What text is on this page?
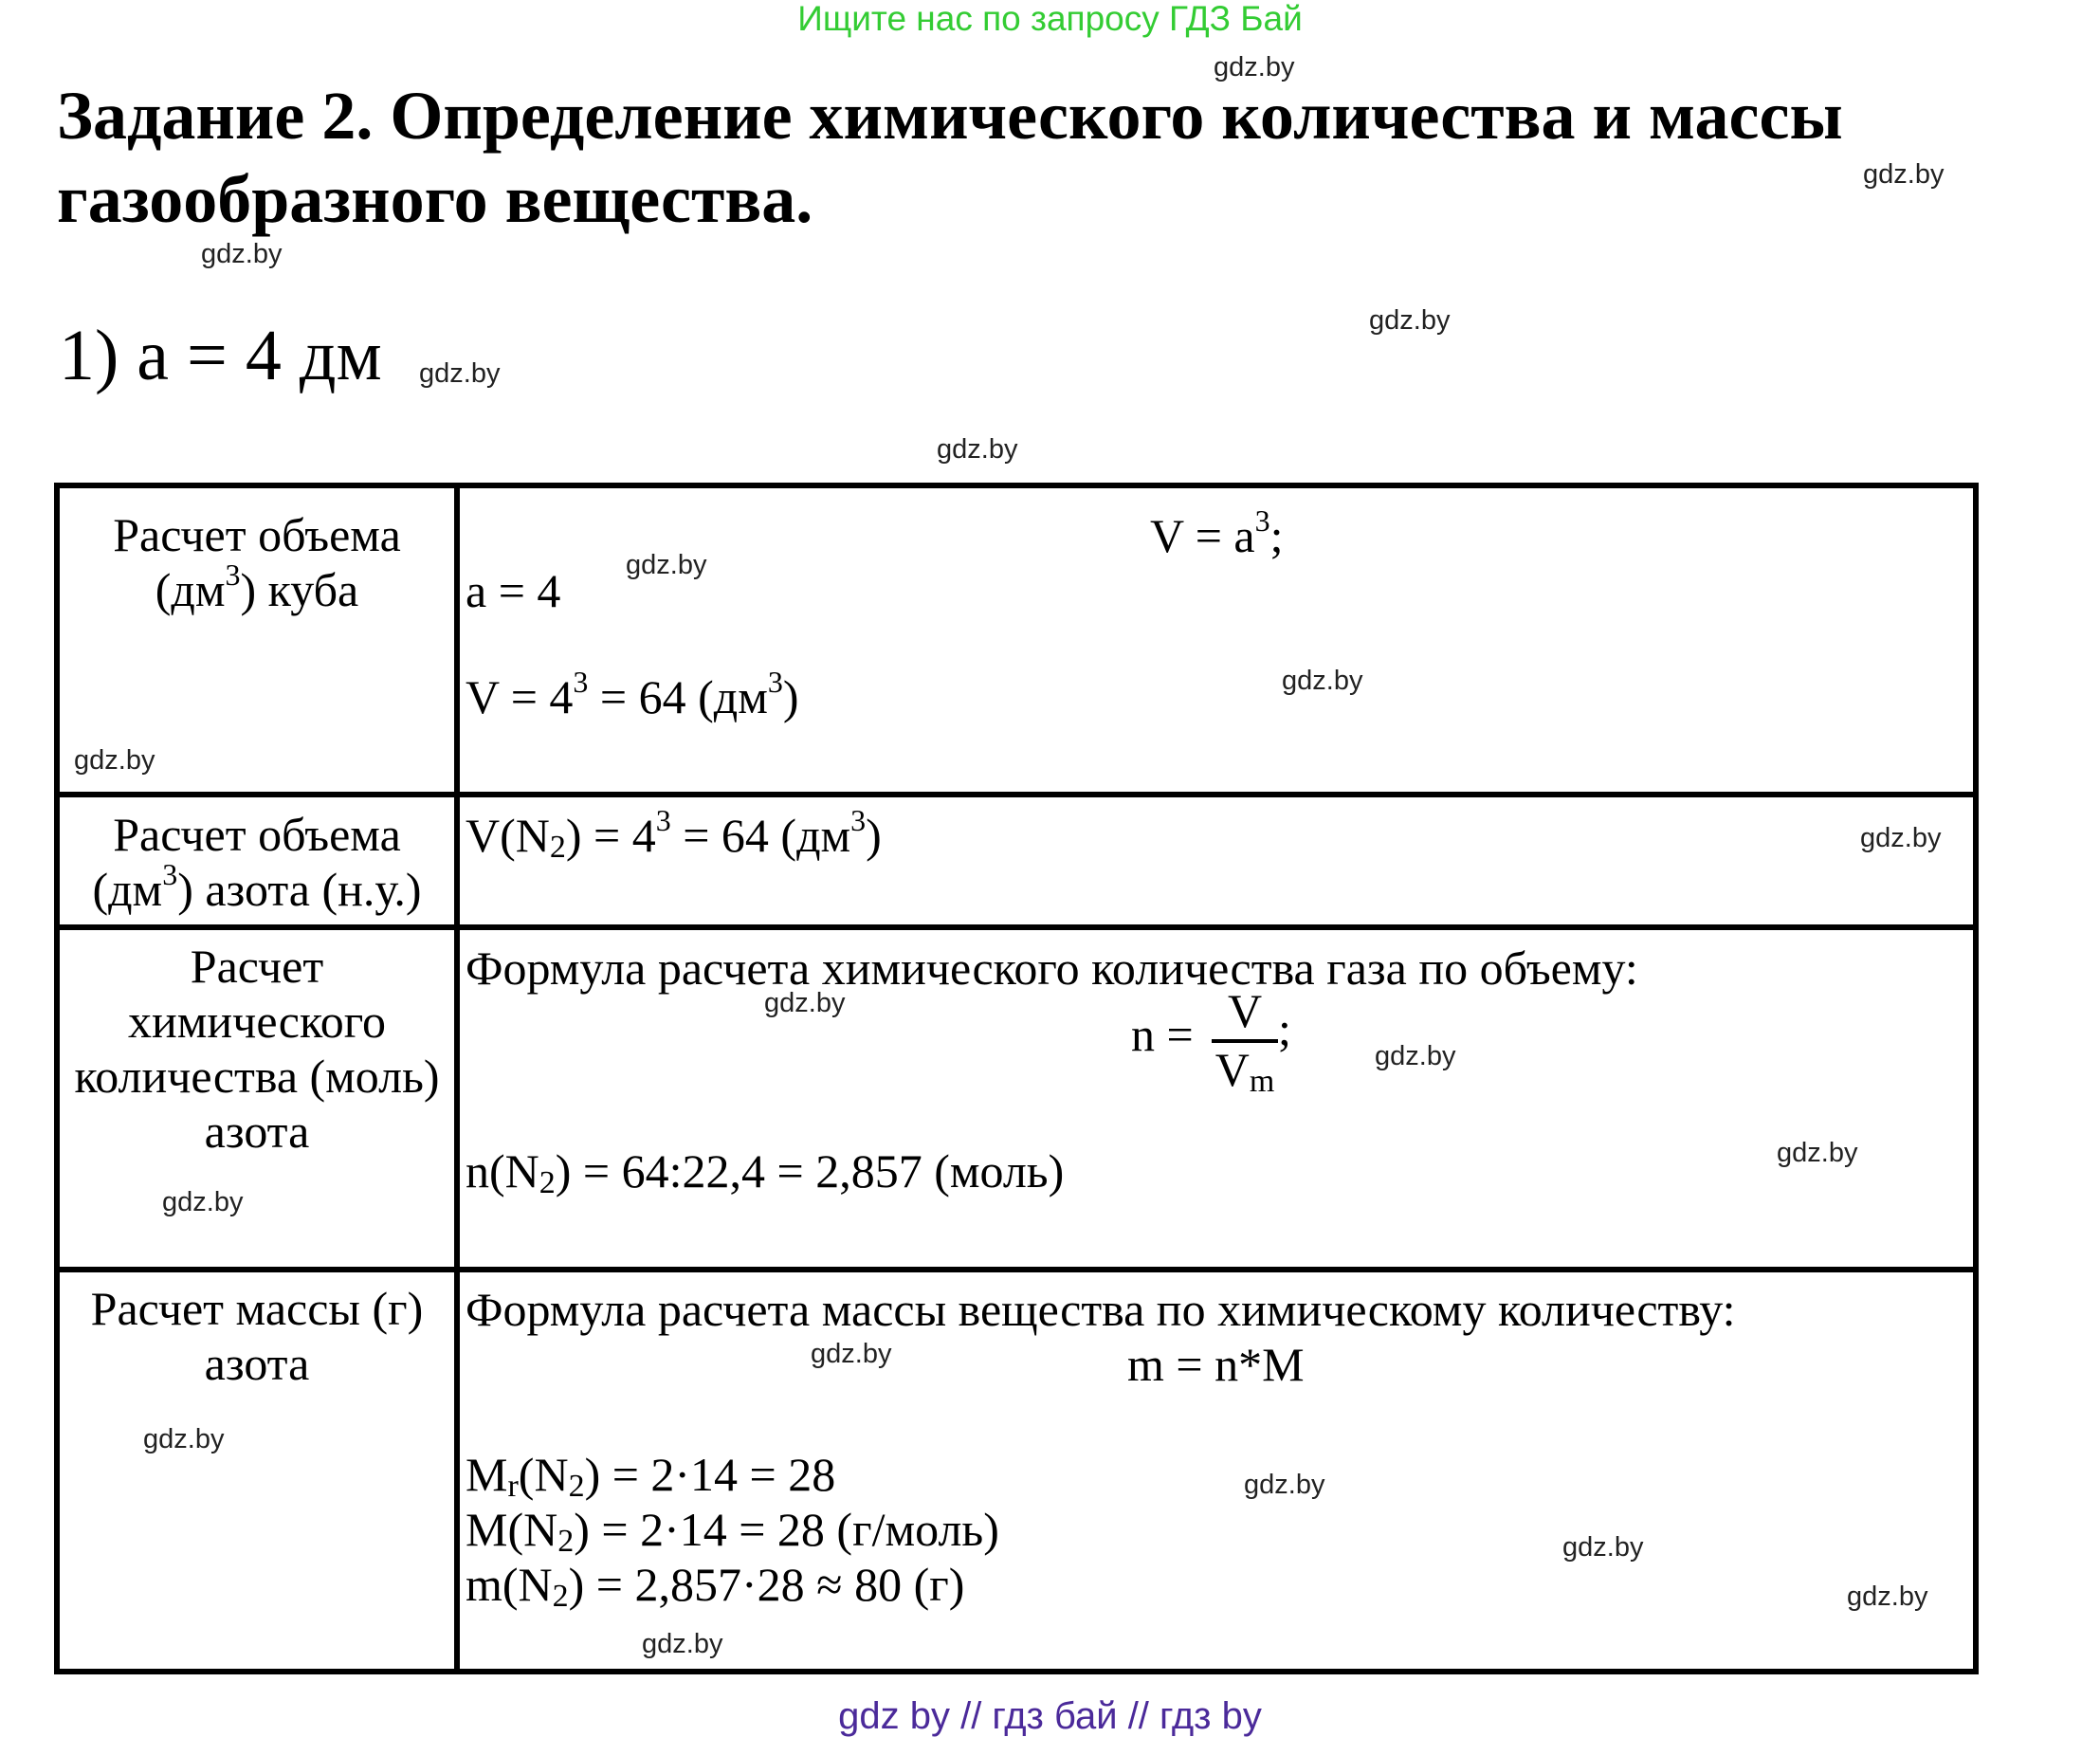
Ищите нас по запросу ГДЗ Бай
Задание 2. Определение химического количества и массы газообразного вещества.
1) a = 4 дм
Расчет объема
$(дм^3)$ куба
$V = a^3$;
a = 4
$V = 4^3 = 64$ $(дм^3)$
Расчет объема
$(дм^3)$ азота (н.у.)
$V(N_2) = 4^3 = 64$ $(дм^3)$
Расчет
химического
количества (моль)
азота
Формула расчета химического количества газа по объему:
n = V
$V_m$
;
$n(N_2)$ = 64:22,4 = 2,857 (моль)
Расчет массы (г)
азота
Формула расчета массы вещества по химическому количеству:
m = n*M
$M_r(N_2) = 2\cdot 14 = 28$
$M(N_2) = 2\cdot 14 = 28$ (г/моль)
$m(N_2) = 2,857\cdot 28 \approx 80$ (г)
gdz.by
gdz.by
gdz.by
gdz.by
gdz.by
gdz.by
gdz.by
gdz.by
gdz.by
gdz.by
gdz.by
gdz.by
gdz.by
gdz.by
gdz.by
gdz.by
gdz.by
gdz.by
gdz.by
gdz.by
gdz by // гдз бай // гдз by
